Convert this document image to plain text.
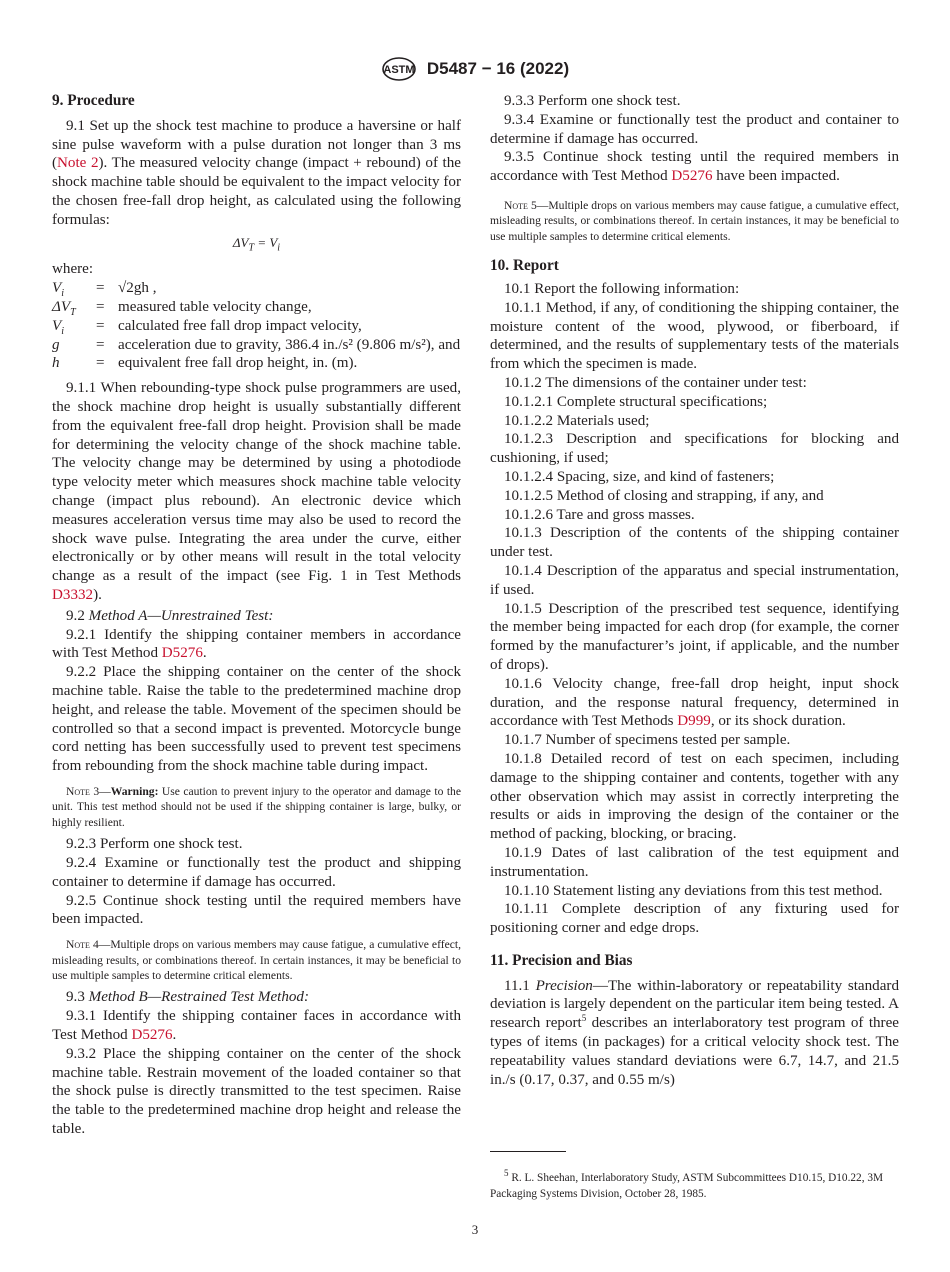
ASTM D5487 − 16 (2022)

9. Procedure

9.1 Set up the shock test machine to produce a haversine or half sine pulse waveform with a pulse duration not longer than 3 ms (Note 2). The measured velocity change (impact + rebound) of the shock machine table should be equivalent to the impact velocity for the chosen free-fall drop height, as calculated using the following formulas:

$\Delta V_T = V_i$

where:

$V_i$	= √2gh ,
$\Delta V_T$	= measured table velocity change,
$V_i$	= calculated free fall drop impact velocity,
g	= acceleration due to gravity, 386.4 in./s² (9.806 m/s²), and
h	= equivalent free fall drop height, in. (m).

9.1.1 When rebounding-type shock pulse programmers are used, the shock machine drop height is usually substantially different from the equivalent free-fall drop height. Provision shall be made for determining the velocity change of the shock machine table. The velocity change may be determined by using a photodiode type velocity meter which measures shock machine table velocity change (impact plus rebound). An electronic device which measures acceleration versus time may also be used to record the shock wave pulse. Integrating the area under the curve, either electronically or by other means will result in the total velocity change as a result of the impact (see Fig. 1 in Test Methods D3332).

9.2 Method A—Unrestrained Test:

9.2.1 Identify the shipping container members in accordance with Test Method D5276.

9.2.2 Place the shipping container on the center of the shock machine table. Raise the table to the predetermined machine drop height, and release the table. Movement of the specimen should be controlled so that a second impact is prevented. Motorcycle bunge cord netting has been successfully used to prevent test specimens from rebounding from the shock machine table during impact.

Note 3—Warning: Use caution to prevent injury to the operator and damage to the unit. This test method should not be used if the shipping container is large, bulky, or highly resilient.

9.2.3 Perform one shock test.

9.2.4 Examine or functionally test the product and shipping container to determine if damage has occurred.

9.2.5 Continue shock testing until the required members have been impacted.

Note 4—Multiple drops on various members may cause fatigue, a cumulative effect, misleading results, or combinations thereof. In certain instances, it may be beneficial to use multiple samples to determine critical elements.

9.3 Method B—Restrained Test Method:

9.3.1 Identify the shipping container faces in accordance with Test Method D5276.

9.3.2 Place the shipping container on the center of the shock machine table. Restrain movement of the loaded container so that the shock pulse is directly transmitted to the test specimen. Raise the table to the predetermined machine drop height and release the table.

9.3.3 Perform one shock test.

9.3.4 Examine or functionally test the product and container to determine if damage has occurred.

9.3.5 Continue shock testing until the required members in accordance with Test Method D5276 have been impacted.

Note 5—Multiple drops on various members may cause fatigue, a cumulative effect, misleading results, or combinations thereof. In certain instances, it may be beneficial to use multiple samples to determine critical elements.

10. Report

10.1 Report the following information:

10.1.1 Method, if any, of conditioning the shipping container, the moisture content of the wood, plywood, or fiberboard, if determined, and the results of supplementary tests of the materials from which the specimen is made.

10.1.2 The dimensions of the container under test:

10.1.2.1 Complete structural specifications;

10.1.2.2 Materials used;

10.1.2.3 Description and specifications for blocking and cushioning, if used;

10.1.2.4 Spacing, size, and kind of fasteners;

10.1.2.5 Method of closing and strapping, if any, and

10.1.2.6 Tare and gross masses.

10.1.3 Description of the contents of the shipping container under test.

10.1.4 Description of the apparatus and special instrumentation, if used.

10.1.5 Description of the prescribed test sequence, identifying the member being impacted for each drop (for example, the corner formed by the manufacturer’s joint, if applicable, and the number of drops).

10.1.6 Velocity change, free-fall drop height, input shock duration, and the response natural frequency, determined in accordance with Test Methods D999, or its shock duration.

10.1.7 Number of specimens tested per sample.

10.1.8 Detailed record of test on each specimen, including damage to the shipping container and contents, together with any other observation which may assist in correctly interpreting the results or aids in improving the design of the container or the method of packing, blocking, or bracing.

10.1.9 Dates of last calibration of the test equipment and instrumentation.

10.1.10 Statement listing any deviations from this test method.

10.1.11 Complete description of any fixturing used for positioning corner and edge drops.

11. Precision and Bias

11.1 Precision—The within-laboratory or repeatability standard deviation is largely dependent on the particular item being tested. A research report$^5$ describes an interlaboratory test program of three types of items (in packages) for a critical velocity shock test. The repeatability values standard deviations were 6.7, 14.7, and 21.5 in./s (0.17, 0.37, and 0.55 m/s)

$^5$ R. L. Sheehan, Interlaboratory Study, ASTM Subcommittees D10.15, D10.22, 3M Packaging Systems Division, October 28, 1985.

3
